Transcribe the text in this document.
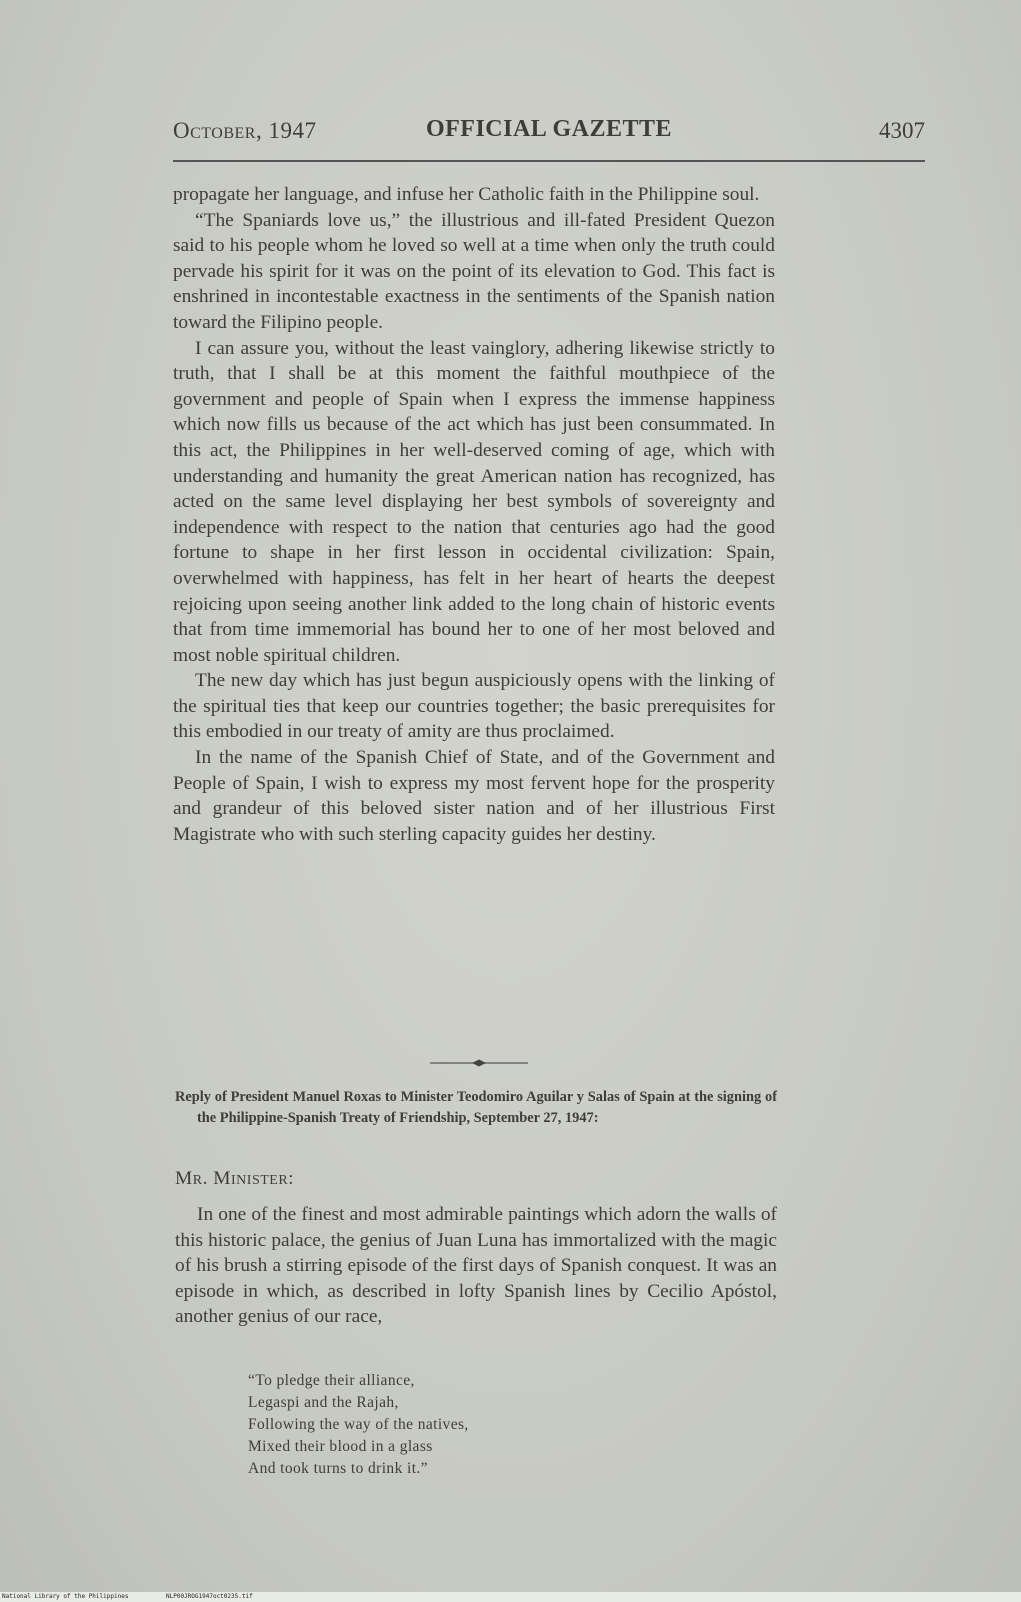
October, 1947	OFFICIAL GAZETTE	4307

propagate her language, and infuse her Catholic faith in the Philippine soul.

“The Spaniards love us,” the illustrious and ill-fated President Quezon said to his people whom he loved so well at a time when only the truth could pervade his spirit for it was on the point of its elevation to God. This fact is enshrined in incontestable exactness in the sentiments of the Spanish nation toward the Filipino people.

I can assure you, without the least vainglory, adhering likewise strictly to truth, that I shall be at this moment the faithful mouthpiece of the government and people of Spain when I express the immense happiness which now fills us because of the act which has just been consummated. In this act, the Philippines in her well-deserved coming of age, which with understanding and humanity the great American nation has recognized, has acted on the same level displaying her best symbols of sovereignty and independence with respect to the nation that centuries ago had the good fortune to shape in her first lesson in occidental civilization: Spain, overwhelmed with happiness, has felt in her heart of hearts the deepest rejoicing upon seeing another link added to the long chain of historic events that from time immemorial has bound her to one of her most beloved and most noble spiritual children.

The new day which has just begun auspiciously opens with the linking of the spiritual ties that keep our countries together; the basic prerequisites for this embodied in our treaty of amity are thus proclaimed.

In the name of the Spanish Chief of State, and of the Government and People of Spain, I wish to express my most fervent hope for the prosperity and grandeur of this beloved sister nation and of her illustrious First Magistrate who with such sterling capacity guides her destiny.

Reply of President Manuel Roxas to Minister Teodomiro Aguilar y Salas of Spain at the signing of the Philippine-Spanish Treaty of Friendship, September 27, 1947:

Mr. Minister:

In one of the finest and most admirable paintings which adorn the walls of this historic palace, the genius of Juan Luna has immortalized with the magic of his brush a stirring episode of the first days of Spanish conquest. It was an episode in which, as described in lofty Spanish lines by Cecilio Apóstol, another genius of our race,

“To pledge their alliance,
Legaspi and the Rajah,
Following the way of the natives,
Mixed their blood in a glass
And took turns to drink it.”
National Library of the Philippines	NLP00JROG1947oct0235.tif
